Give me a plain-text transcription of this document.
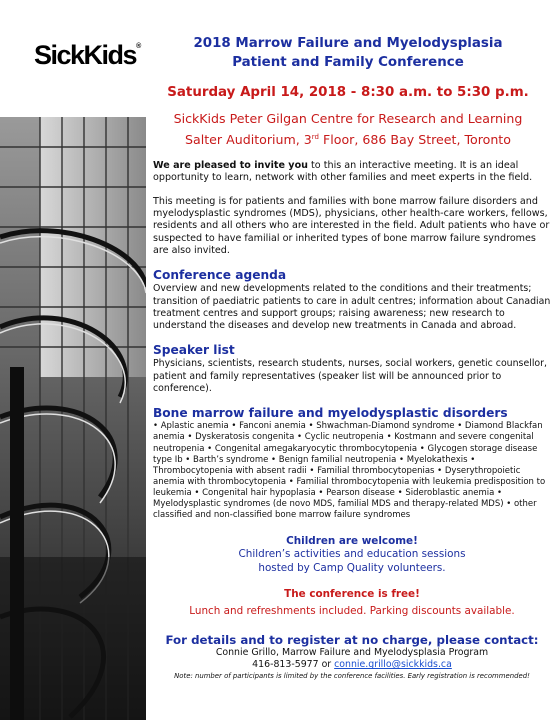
SickKids®	2018 Marrow Failure and Myelodysplasia
Patient and Family Conference
Saturday April 14, 2018 - 8:30 a.m. to 5:30 p.m.
SickKids Peter Gilgan Centre for Research and Learning
Salter Auditorium, 3rd Floor, 686 Bay Street, Toronto
We are pleased to invite you to this an interactive meeting. It is an ideal opportunity to learn, network with other families and meet experts in the field.
This meeting is for patients and families with bone marrow failure disorders and myelodysplastic syndromes (MDS), physicians, other health-care workers, fellows, residents and all others who are interested in the field. Adult patients who have or suspected to have familial or inherited types of bone marrow failure syndromes are also invited.
Conference agenda
Overview and new developments related to the conditions and their treatments; transition of paediatric patients to care in adult centres; information about Canadian treatment centres and support groups; raising awareness; new research to understand the diseases and develop new treatments in Canada and abroad.
Speaker list
Physicians, scientists, research students, nurses, social workers, genetic counsellor, patient and family representatives (speaker list will be announced prior to conference).
Bone marrow failure and myelodysplastic disorders
• Aplastic anemia • Fanconi anemia • Shwachman-Diamond syndrome • Diamond Blackfan anemia • Dyskeratosis congenita • Cyclic neutropenia • Kostmann and severe congenital neutropenia • Congenital amegakaryocytic thrombocytopenia • Glycogen storage disease type Ib • Barth’s syndrome • Benign familial neutropenia • Myelokathexis • Thrombocytopenia with absent radii • Familial thrombocytopenias • Dyserythropoietic anemia with thrombocytopenia • Familial thrombocytopenia with leukemia predisposition to leukemia • Congenital hair hypoplasia • Pearson disease • Sideroblastic anemia • Myelodysplastic syndromes (de novo MDS, familial MDS and therapy-related MDS) • other classified and non-classified bone marrow failure syndromes
Children are welcome!
Children’s activities and education sessions
hosted by Camp Quality volunteers.
The conference is free!
Lunch and refreshments included. Parking discounts available.
For details and to register at no charge, please contact:
Connie Grillo, Marrow Failure and Myelodysplasia Program
416-813-5977 or connie.grillo@sickkids.ca
Note: number of participants is limited by the conference facilities. Early registration is recommended!
